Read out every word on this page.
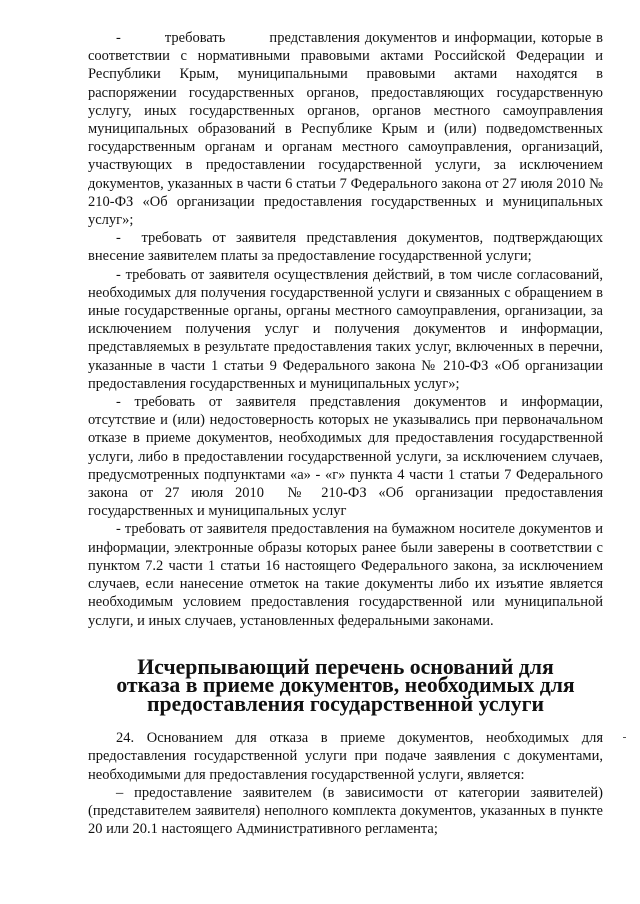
-         требовать         представления документов и информации, которые в соответствии с нормативными правовыми актами Российской Федерации и Республики Крым, муниципальными правовыми актами находятся в распоряжении государственных органов, предоставляющих государственную услугу, иных государственных органов, органов местного самоуправления муниципальных образований в Республике Крым и (или) подведомственных государственным органам и органам местного самоуправления, организаций, участвующих в предоставлении государственной услуги, за исключением документов, указанных в части 6 статьи 7 Федерального закона от 27 июля 2010 № 210-ФЗ «Об организации предоставления государственных и муниципальных услуг»;

-  требовать от заявителя представления документов, подтверждающих внесение заявителем платы за предоставление государственной услуги;

- требовать от заявителя осуществления действий, в том числе согласований, необходимых для получения государственной услуги и связанных с обращением в иные государственные органы, органы местного самоуправления, организации, за исключением получения услуг и получения документов и информации, представляемых в результате предоставления таких услуг, включенных в перечни, указанные в части 1 статьи 9 Федерального закона № 210-ФЗ «Об организации предоставления государственных и муниципальных услуг»;

- требовать от заявителя представления документов и информации, отсутствие и (или) недостоверность которых не указывались при первоначальном отказе в приеме документов, необходимых для предоставления государственной услуги, либо в предоставлении государственной услуги, за исключением случаев, предусмотренных подпунктами «а» - «г» пункта 4 части 1 статьи 7 Федерального закона от 27 июля 2010  № 210-ФЗ «Об организации предоставления государственных и муниципальных услуг

- требовать от заявителя предоставления на бумажном носителе документов и информации, электронные образы которых ранее были заверены в соответствии с пунктом 7.2 части 1 статьи 16 настоящего Федерального закона, за исключением случаев, если нанесение отметок на такие документы либо их изъятие является необходимым условием предоставления государственной или муниципальной услуги, и иных случаев, установленных федеральными законами.

Исчерпывающий перечень оснований для отказа в приеме документов, необходимых для предоставления государственной услуги

24. Основанием для отказа в приеме документов, необходимых для предоставления государственной услуги при подаче заявления с документами, необходимыми для предоставления государственной услуги, является:

– предоставление заявителем (в зависимости от категории заявителей) (представителем заявителя) неполного комплекта документов, указанных в пункте 20 или 20.1 настоящего Административного регламента;
